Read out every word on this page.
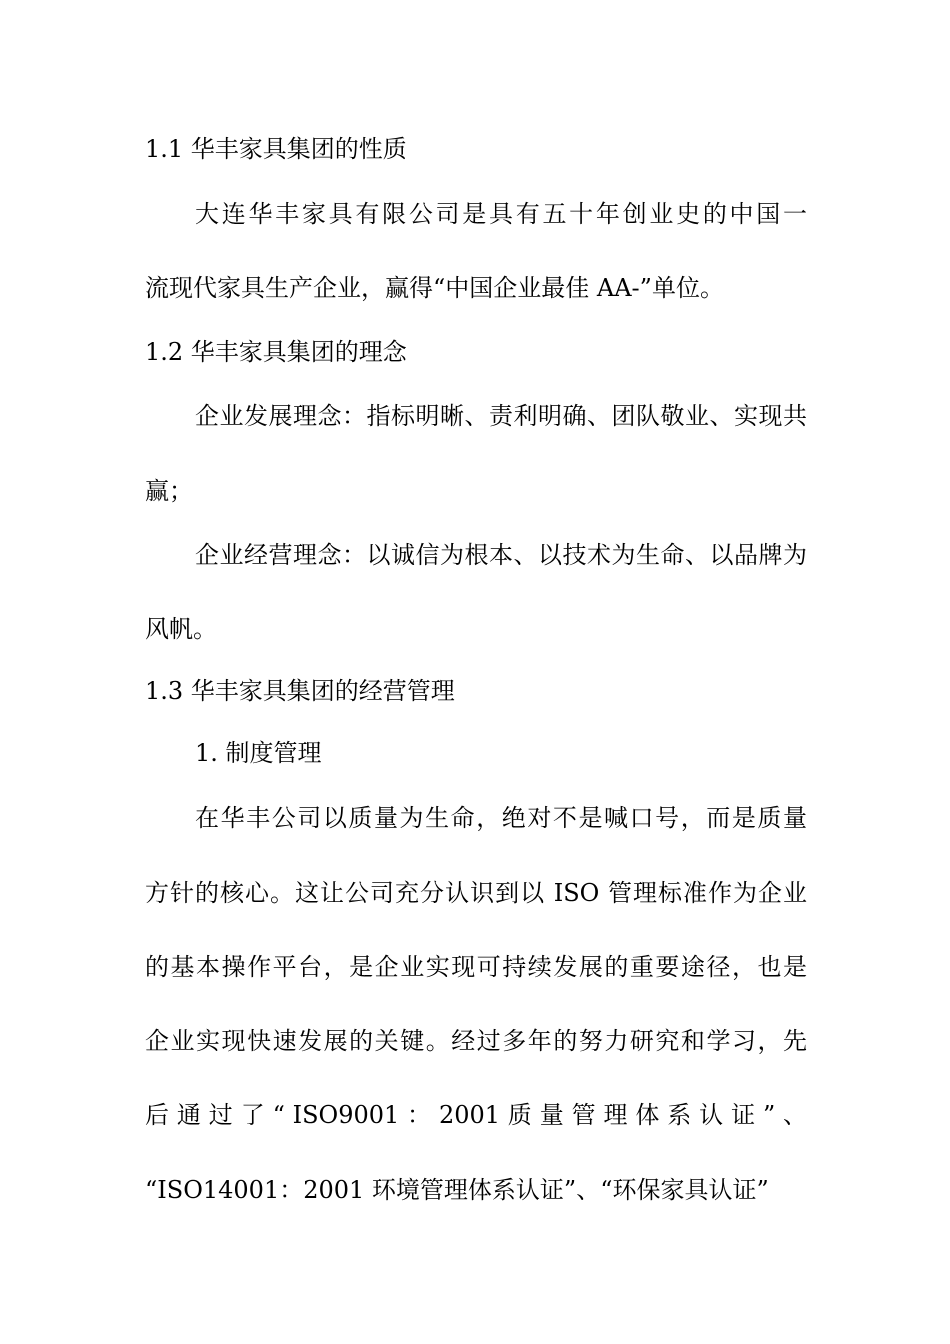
1.1 华丰家具集团的性质
大连华丰家具有限公司是具有五十年创业史的中国一
流现代家具生产企业，赢得“中国企业最佳 AA-”单位。
1.2 华丰家具集团的理念
企业发展理念：指标明晰、责利明确、团队敬业、实现共
赢；
企业经营理念：以诚信为根本、以技术为生命、以品牌为
风帆。
1.3 华丰家具集团的经营管理
1. 制度管理
在华丰公司以质量为生命，绝对不是喊口号，而是质量
方针的核心。这让公司充分认识到以 ISO 管理标准作为企业
的基本操作平台，是企业实现可持续发展的重要途径，也是
企业实现快速发展的关键。经过多年的努力研究和学习，先
后 通 过 了 “ ISO9001 ： 2001 质 量 管 理 体 系 认 证 ” 、
“ISO14001：2001 环境管理体系认证”、“环保家具认证”
